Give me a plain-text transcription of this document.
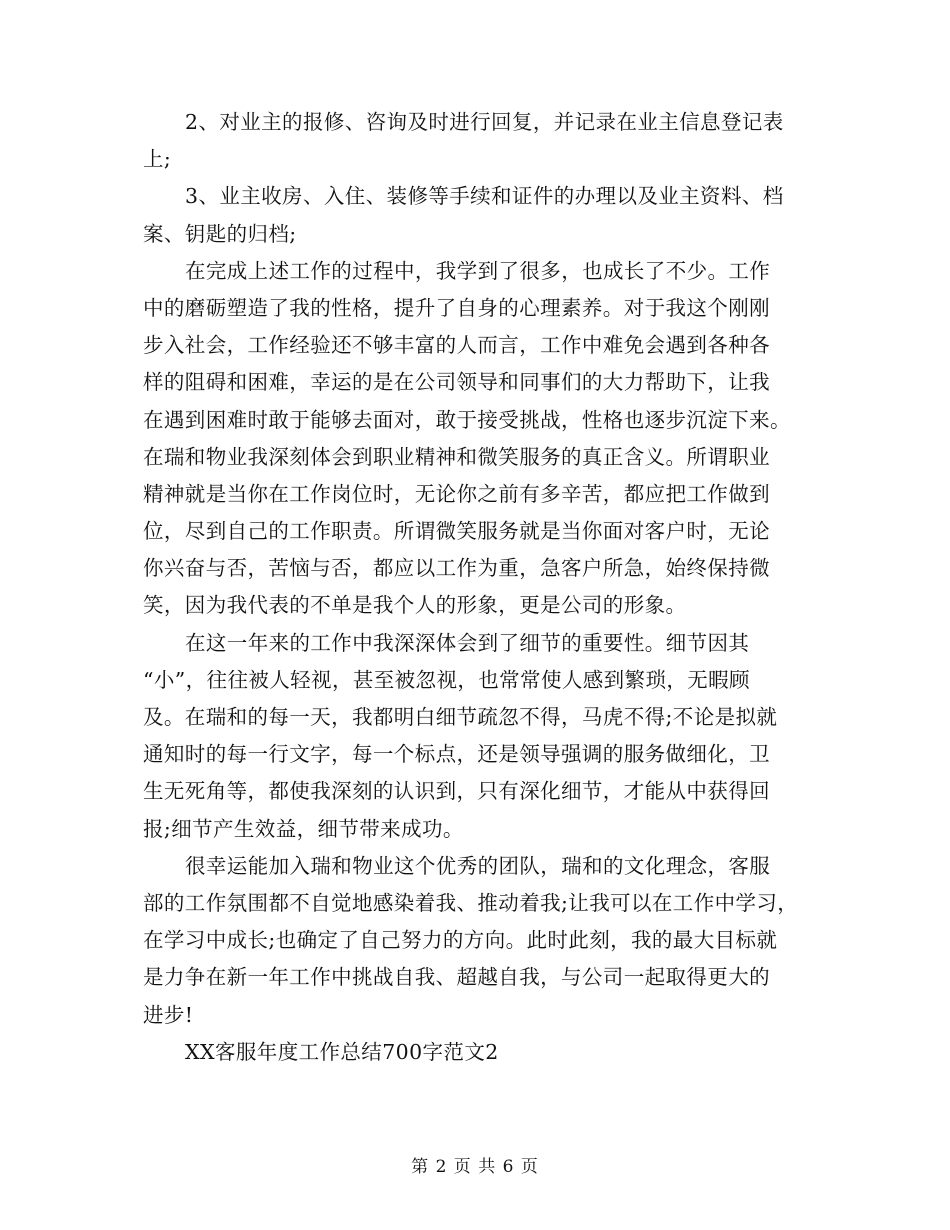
2、对业主的报修、咨询及时进行回复，并记录在业主信息登记表
上;
3、业主收房、入住、装修等手续和证件的办理以及业主资料、档
案、钥匙的归档;
在完成上述工作的过程中，我学到了很多，也成长了不少。工作
中的磨砺塑造了我的性格，提升了自身的心理素养。对于我这个刚刚
步入社会，工作经验还不够丰富的人而言，工作中难免会遇到各种各
样的阻碍和困难，幸运的是在公司领导和同事们的大力帮助下，让我
在遇到困难时敢于能够去面对，敢于接受挑战，性格也逐步沉淀下来。
在瑞和物业我深刻体会到职业精神和微笑服务的真正含义。所谓职业
精神就是当你在工作岗位时，无论你之前有多辛苦，都应把工作做到
位，尽到自己的工作职责。所谓微笑服务就是当你面对客户时，无论
你兴奋与否，苦恼与否，都应以工作为重，急客户所急，始终保持微
笑，因为我代表的不单是我个人的形象，更是公司的形象。
在这一年来的工作中我深深体会到了细节的重要性。细节因其
“小”，往往被人轻视，甚至被忽视，也常常使人感到繁琐，无暇顾
及。在瑞和的每一天，我都明白细节疏忽不得，马虎不得;不论是拟就
通知时的每一行文字，每一个标点，还是领导强调的服务做细化，卫
生无死角等，都使我深刻的认识到，只有深化细节，才能从中获得回
报;细节产生效益，细节带来成功。
很幸运能加入瑞和物业这个优秀的团队，瑞和的文化理念，客服
部的工作氛围都不自觉地感染着我、推动着我;让我可以在工作中学习，
在学习中成长;也确定了自己努力的方向。此时此刻，我的最大目标就
是力争在新一年工作中挑战自我、超越自我，与公司一起取得更大的
进步!
XX客服年度工作总结700字范文2
第 2 页 共 6 页
